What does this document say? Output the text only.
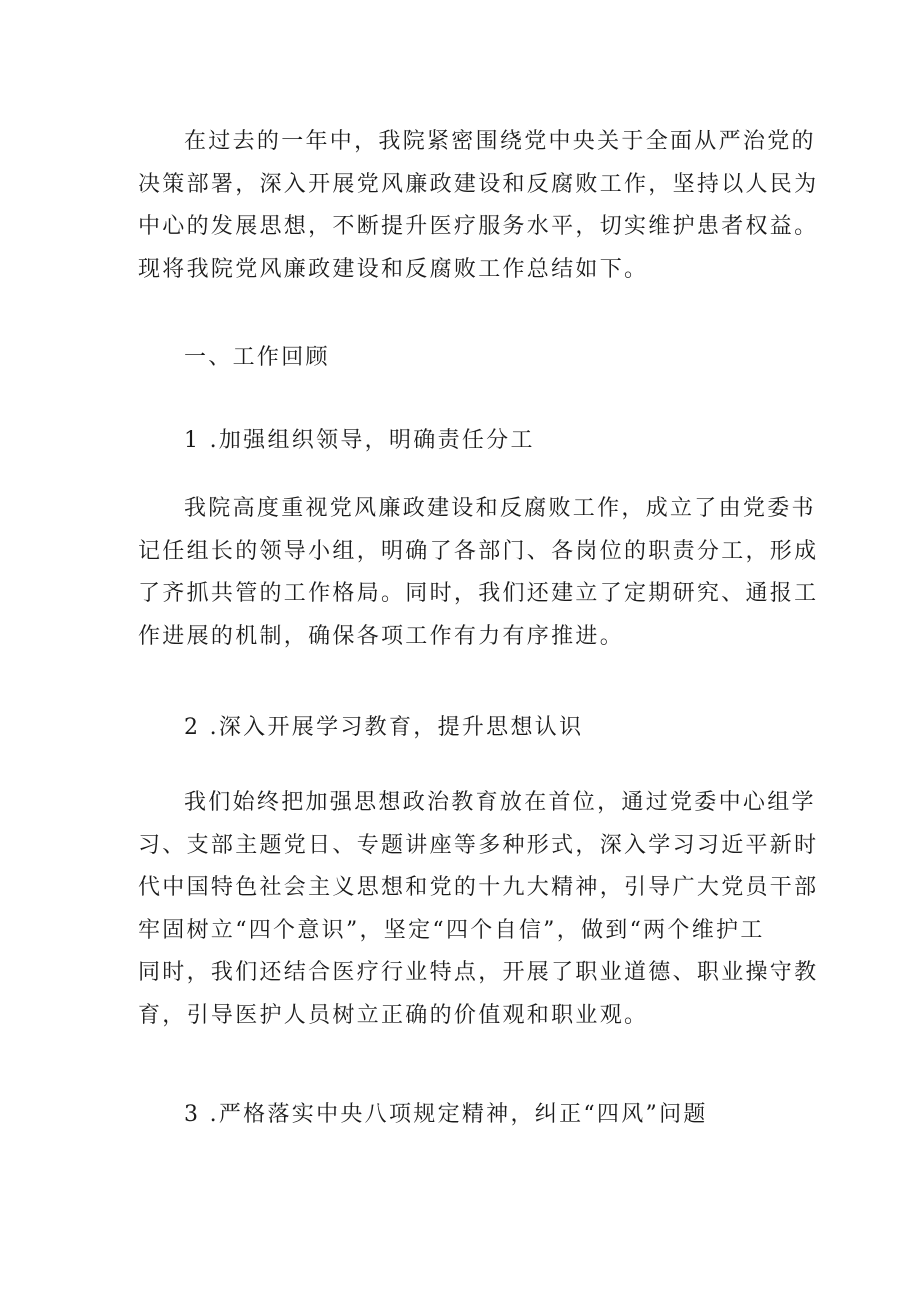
在过去的一年中，我院紧密围绕党中央关于全面从严治党的
决策部署，深入开展党风廉政建设和反腐败工作，坚持以人民为
中心的发展思想，不断提升医疗服务水平，切实维护患者权益。
现将我院党风廉政建设和反腐败工作总结如下。

一、工作回顾

1 .加强组织领导，明确责任分工

我院高度重视党风廉政建设和反腐败工作，成立了由党委书
记任组长的领导小组，明确了各部门、各岗位的职责分工，形成
了齐抓共管的工作格局。同时，我们还建立了定期研究、通报工
作进展的机制，确保各项工作有力有序推进。

2 .深入开展学习教育，提升思想认识

我们始终把加强思想政治教育放在首位，通过党委中心组学
习、支部主题党日、专题讲座等多种形式，深入学习习近平新时
代中国特色社会主义思想和党的十九大精神，引导广大党员干部
牢固树立“四个意识”，坚定“四个自信”，做到“两个维护工
同时，我们还结合医疗行业特点，开展了职业道德、职业操守教
育，引导医护人员树立正确的价值观和职业观。

3 .严格落实中央八项规定精神，纠正“四风”问题
